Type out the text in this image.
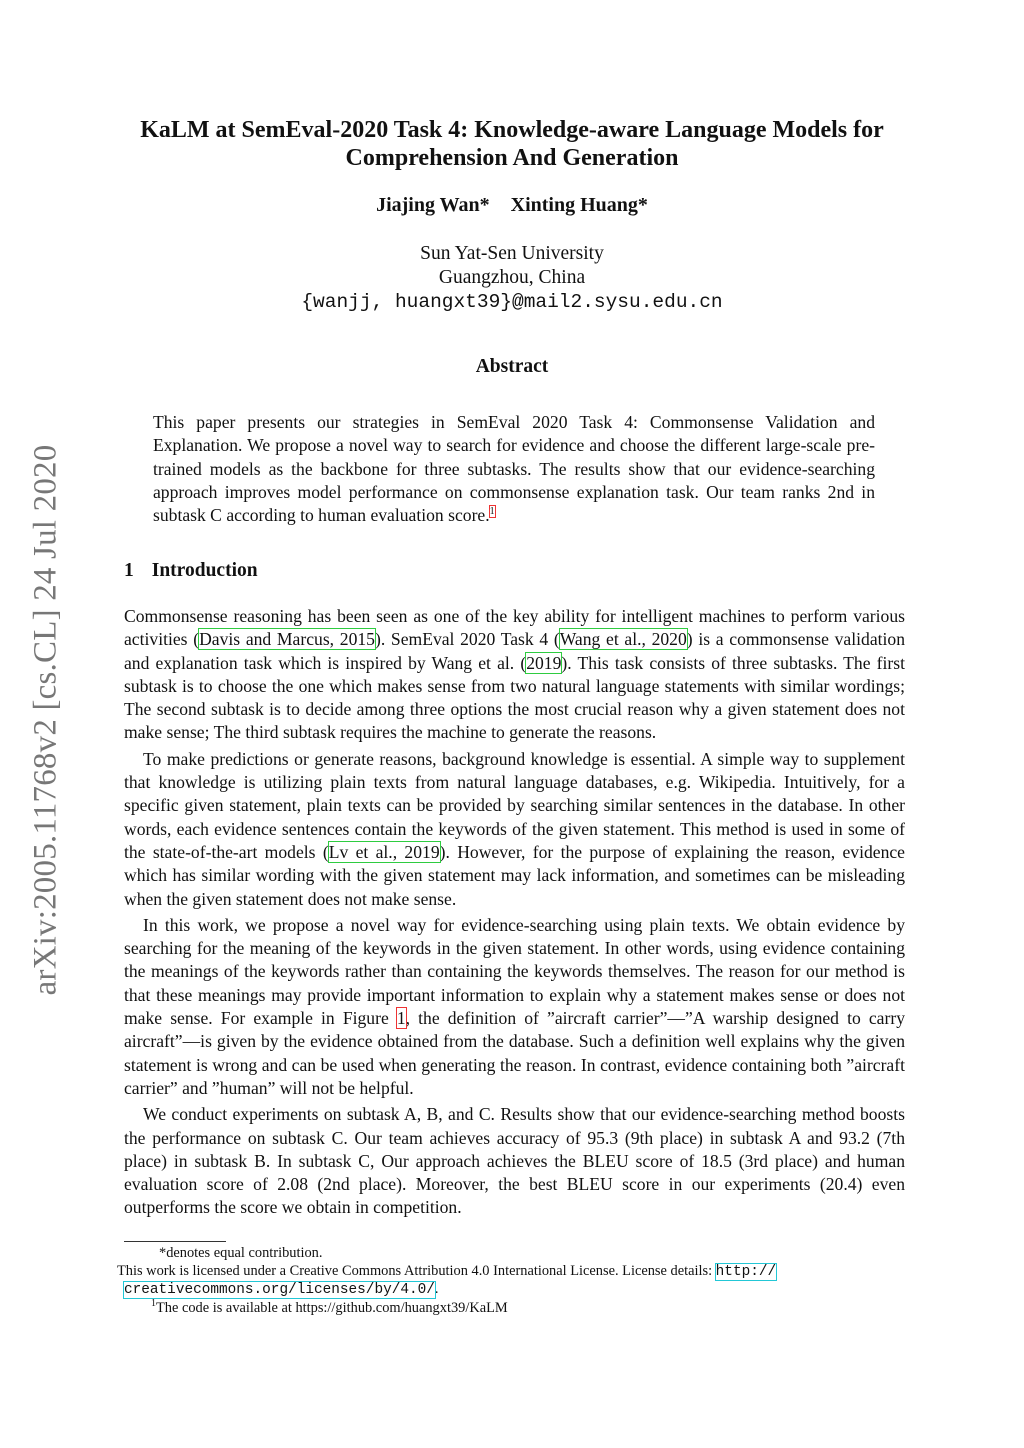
arXiv:2005.11768v2 [cs.CL] 24 Jul 2020
KaLM at SemEval-2020 Task 4: Knowledge-aware Language Models for
Comprehension And Generation
Jiajing Wan* Xinting Huang*
Sun Yat-Sen University
Guangzhou, China
{wanjj, huangxt39}@mail2.sysu.edu.cn
Abstract
This paper presents our strategies in SemEval 2020 Task 4: Commonsense Validation and Explanation. We propose a novel way to search for evidence and choose the different large-scale pre-trained models as the backbone for three subtasks. The results show that our evidence-searching approach improves model performance on commonsense explanation task. Our team ranks 2nd in subtask C according to human evaluation score.$^1$
1 Introduction

Commonsense reasoning has been seen as one of the key ability for intelligent machines to perform various activities (Davis and Marcus, 2015). SemEval 2020 Task 4 (Wang et al., 2020) is a commonsense validation and explanation task which is inspired by Wang et al. (2019). This task consists of three subtasks. The first subtask is to choose the one which makes sense from two natural language statements with similar wordings; The second subtask is to decide among three options the most crucial reason why a given statement does not make sense; The third subtask requires the machine to generate the reasons.

To make predictions or generate reasons, background knowledge is essential. A simple way to supplement that knowledge is utilizing plain texts from natural language databases, e.g. Wikipedia. Intuitively, for a specific given statement, plain texts can be provided by searching similar sentences in the database. In other words, each evidence sentences contain the keywords of the given statement. This method is used in some of the state-of-the-art models (Lv et al., 2019). However, for the purpose of explaining the reason, evidence which has similar wording with the given statement may lack information, and sometimes can be misleading when the given statement does not make sense.

In this work, we propose a novel way for evidence-searching using plain texts. We obtain evidence by searching for the meaning of the keywords in the given statement. In other words, using evidence containing the meanings of the keywords rather than containing the keywords themselves. The reason for our method is that these meanings may provide important information to explain why a statement makes sense or does not make sense. For example in Figure 1, the definition of ”aircraft carrier”—”A warship designed to carry aircraft”—is given by the evidence obtained from the database. Such a definition well explains why the given statement is wrong and can be used when generating the reason. In contrast, evidence containing both ”aircraft carrier” and ”human” will not be helpful.

We conduct experiments on subtask A, B, and C. Results show that our evidence-searching method boosts the performance on subtask C. Our team achieves accuracy of 95.3 (9th place) in subtask A and 93.2 (7th place) in subtask B. In subtask C, Our approach achieves the BLEU score of 18.5 (3rd place) and human evaluation score of 2.08 (2nd place). Moreover, the best BLEU score in our experiments (20.4) even outperforms the score we obtain in competition.

*denotes equal contribution.
This work is licensed under a Creative Commons Attribution 4.0 International License. License details: http://
creativecommons.org/licenses/by/4.0/.
$^1$The code is available at https://github.com/huangxt39/KaLM
